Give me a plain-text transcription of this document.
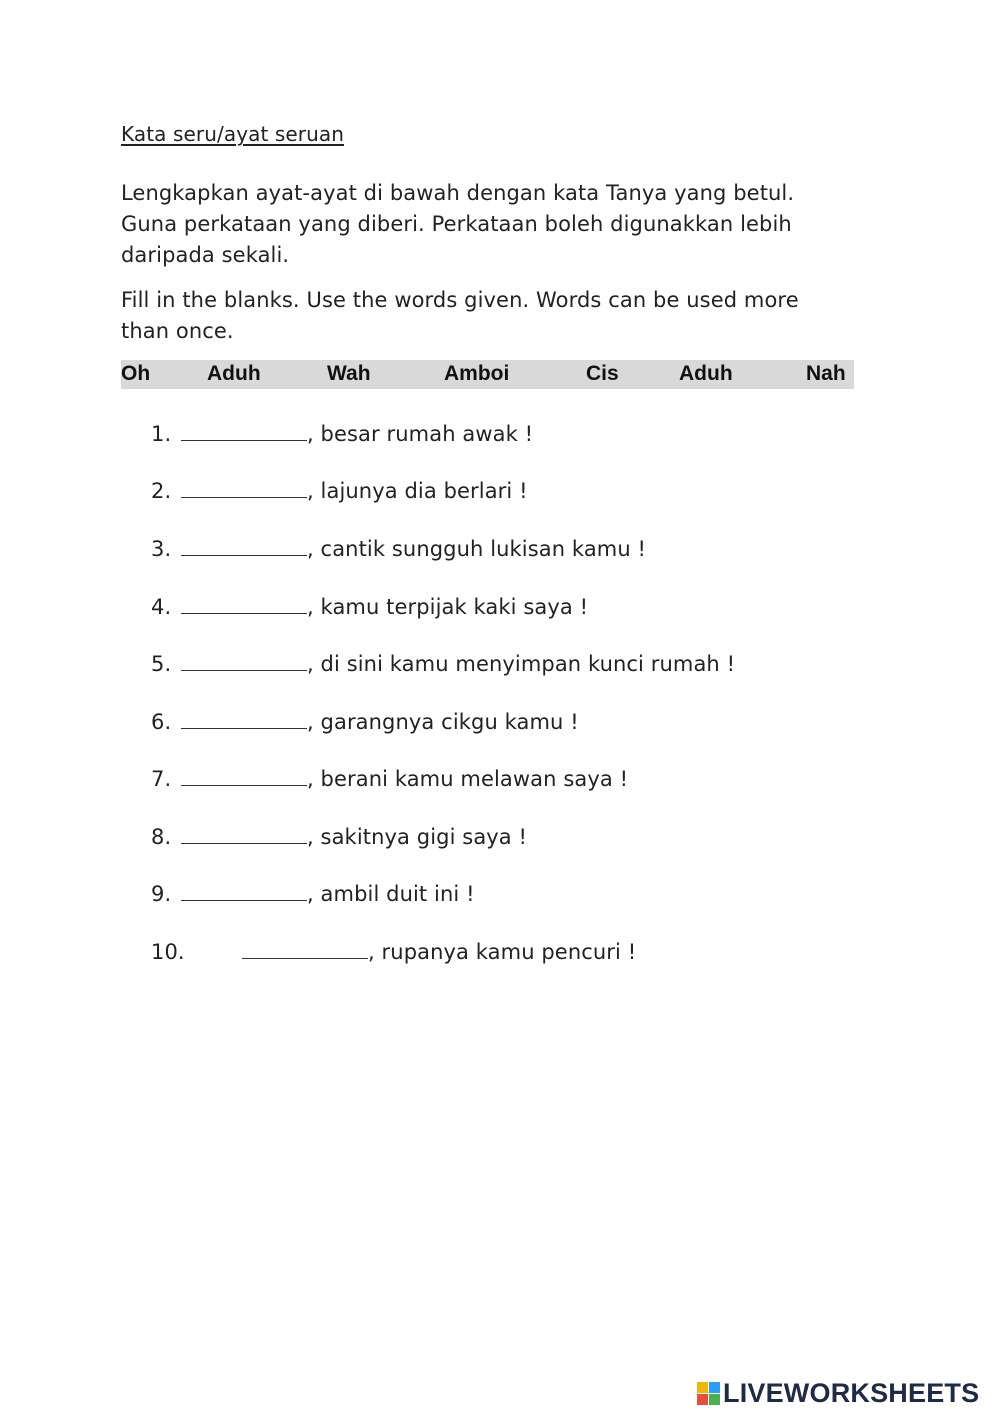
Kata seru/ayat seruan
Lengkapkan ayat-ayat di bawah dengan kata Tanya yang betul.
Guna perkataan yang diberi. Perkataan boleh digunakkan lebih
daripada sekali.
Fill in the blanks. Use the words given. Words can be used more
than once.
Oh	Aduh	Wah	Amboi	Cis	Aduh	Nah
1.	, besar rumah awak !
2.	, lajunya dia berlari !
3.	, cantik sungguh lukisan kamu !
4.	, kamu terpijak kaki saya !
5.	, di sini kamu menyimpan kunci rumah !
6.	, garangnya cikgu kamu !
7.	, berani kamu melawan saya !
8.	, sakitnya gigi saya !
9.	, ambil duit ini !
10.	, rupanya kamu pencuri !
LIVEWORKSHEETS
